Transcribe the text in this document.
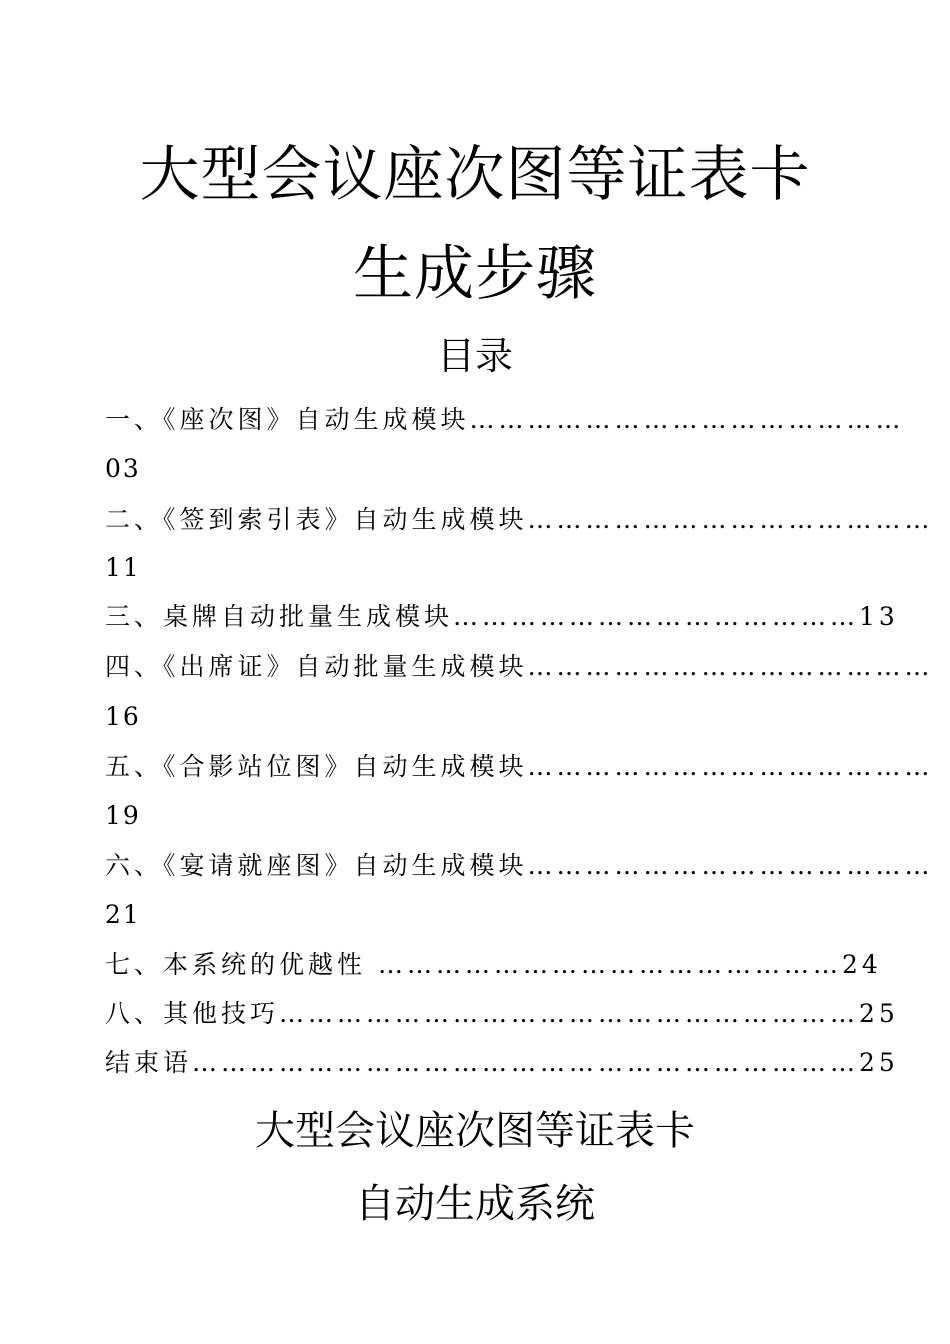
大型会议座次图等证表卡
生成步骤
目录
一、《座次图》自动生成模块………………………………………
03
二、《签到索引表》自动生成模块……………………………………
11
三、桌牌自动批量生成模块……………………………………13
四、《出席证》自动批量生成模块……………………………………
16
五、《合影站位图》自动生成模块……………………………………
19
六、《宴请就座图》自动生成模块……………………………………
21
七、本系统的优越性 …………………………………………24
八、其他技巧……………………………………………………25
结束语……………………………………………………………25
大型会议座次图等证表卡
自动生成系统
